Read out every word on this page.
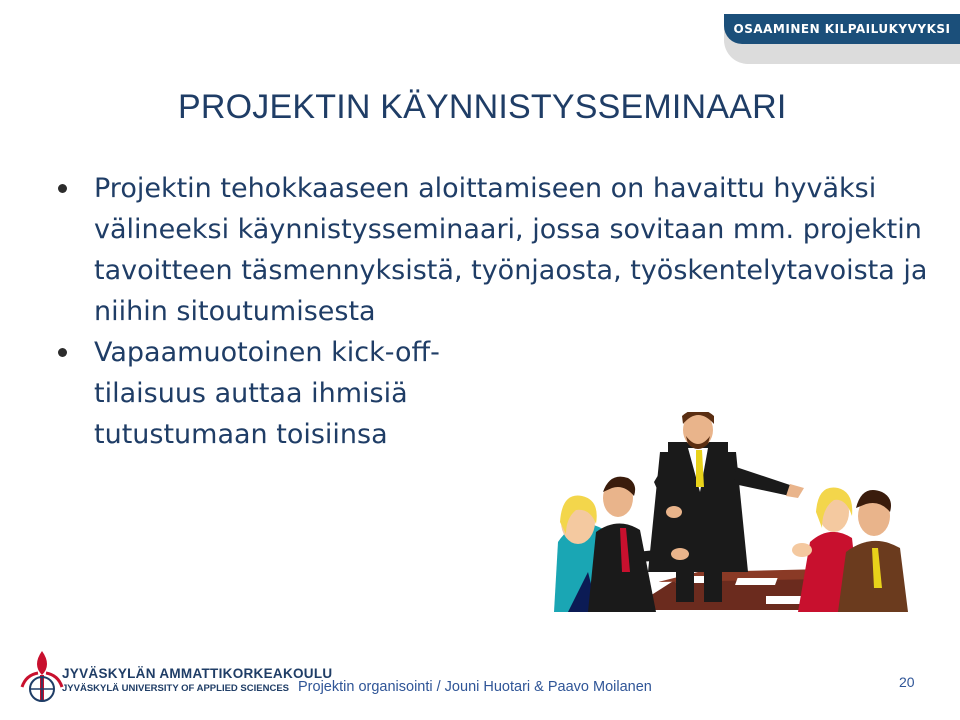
OSAAMINEN KILPAILUKYVYKSI
PROJEKTIN KÄYNNISTYSSEMINAARI
Projektin tehokkaaseen aloittamiseen on havaittu hyväksi välineeksi käynnistysseminaari, jossa sovitaan mm. projektin tavoitteen täsmennyksistä, työnjaosta, työskentelytavoista ja niihin sitoutumisesta
Vapaamuotoinen kick-off-tilaisuus auttaa ihmisiä tutustumaan toisiinsa
JYVÄSKYLÄN AMMATTIKORKEAKOULU
JYVÄSKYLÄ UNIVERSITY OF APPLIED SCIENCES Projektin organisointi / Jouni Huotari & Paavo Moilanen	20
